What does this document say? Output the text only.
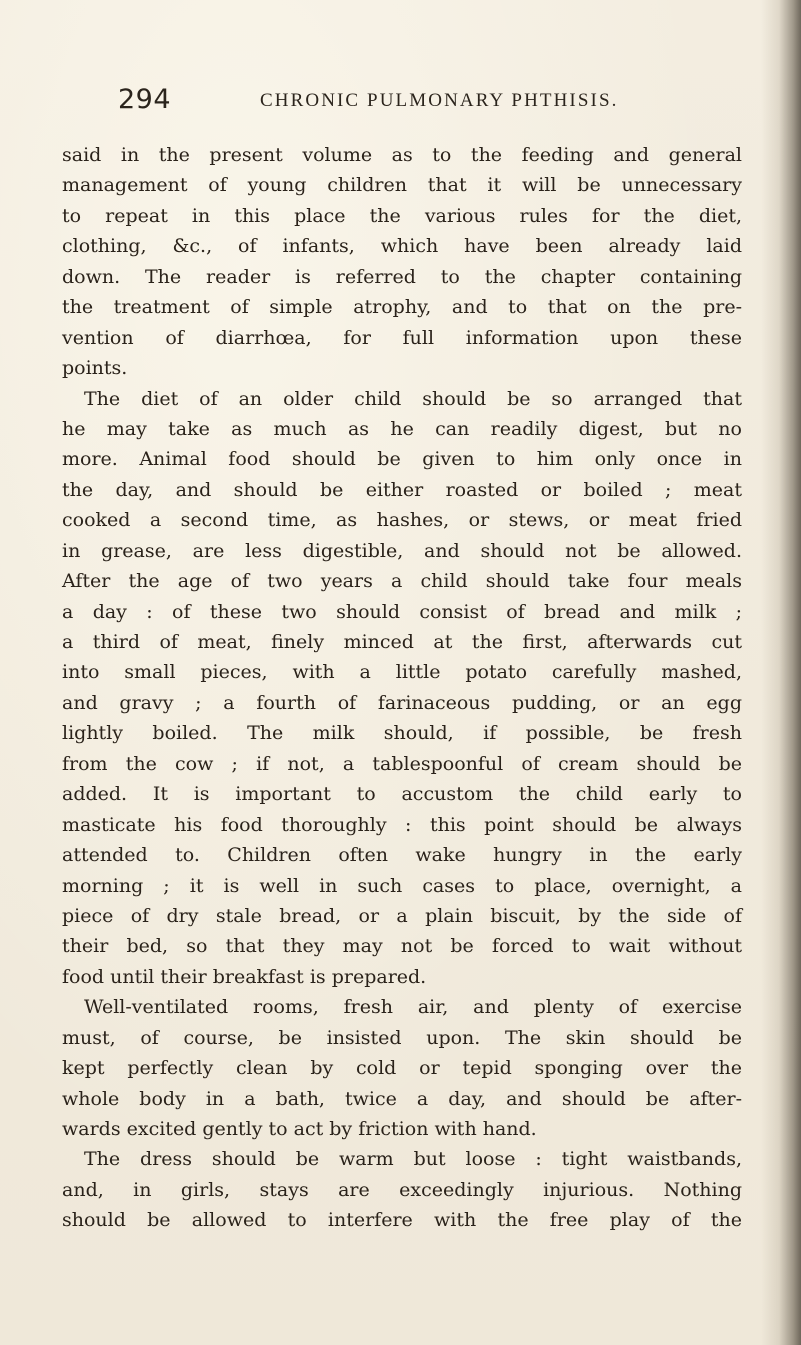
294	CHRONIC PULMONARY PHTHISIS.
said in the present volume as to the feeding and general
management of young children that it will be unnecessary
to repeat in this place the various rules for the diet,
clothing, &c., of infants, which have been already laid
down. The reader is referred to the chapter containing
the treatment of simple atrophy, and to that on the pre-
vention of diarrhœa, for full information upon these
points.
The diet of an older child should be so arranged that
he may take as much as he can readily digest, but no
more. Animal food should be given to him only once in
the day, and should be either roasted or boiled ; meat
cooked a second time, as hashes, or stews, or meat fried
in grease, are less digestible, and should not be allowed.
After the age of two years a child should take four meals
a day : of these two should consist of bread and milk ;
a third of meat, finely minced at the first, afterwards cut
into small pieces, with a little potato carefully mashed,
and gravy ; a fourth of farinaceous pudding, or an egg
lightly boiled. The milk should, if possible, be fresh
from the cow ; if not, a tablespoonful of cream should be
added. It is important to accustom the child early to
masticate his food thoroughly : this point should be always
attended to. Children often wake hungry in the early
morning ; it is well in such cases to place, overnight, a
piece of dry stale bread, or a plain biscuit, by the side of
their bed, so that they may not be forced to wait without
food until their breakfast is prepared.
Well-ventilated rooms, fresh air, and plenty of exercise
must, of course, be insisted upon. The skin should be
kept perfectly clean by cold or tepid sponging over the
whole body in a bath, twice a day, and should be after-
wards excited gently to act by friction with hand.
The dress should be warm but loose : tight waistbands,
and, in girls, stays are exceedingly injurious. Nothing
should be allowed to interfere with the free play of the
